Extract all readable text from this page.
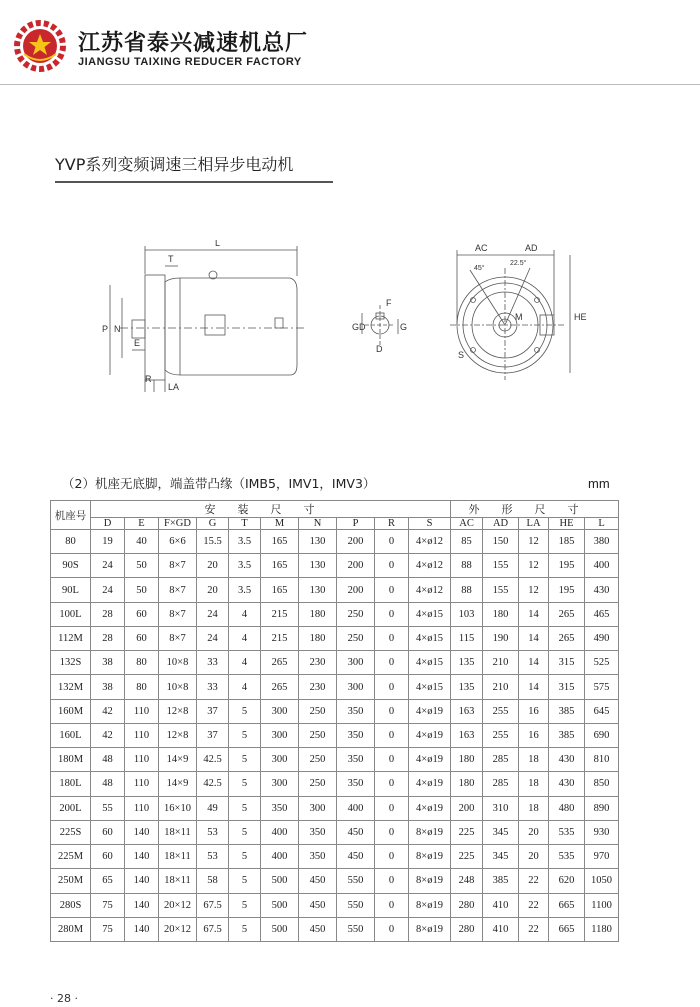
江苏省泰兴减速机总厂
JIANGSU TAIXING REDUCER FACTORY
YVP系列变频调速三相异步电动机
L
T
P N
E
R
LA
F
GD	G
D
AC	AD
HE
M
S
45°
22.5°
（2）机座无底脚，端盖带凸缘（IMB5，IMV1，IMV3）	mm
机座号	安装尺寸										外形尺寸				
	D	E	F×GD	G	T	M	N	P	R	S	AC	AD	LA	HE	L
80	19	40	6×6	15.5	3.5	165	130	200	0	4×ø12	85	150	12	185	380
90S	24	50	8×7	20	3.5	165	130	200	0	4×ø12	88	155	12	195	400
90L	24	50	8×7	20	3.5	165	130	200	0	4×ø12	88	155	12	195	430
100L	28	60	8×7	24	4	215	180	250	0	4×ø15	103	180	14	265	465
112M	28	60	8×7	24	4	215	180	250	0	4×ø15	115	190	14	265	490
132S	38	80	10×8	33	4	265	230	300	0	4×ø15	135	210	14	315	525
132M	38	80	10×8	33	4	265	230	300	0	4×ø15	135	210	14	315	575
160M	42	110	12×8	37	5	300	250	350	0	4×ø19	163	255	16	385	645
160L	42	110	12×8	37	5	300	250	350	0	4×ø19	163	255	16	385	690
180M	48	110	14×9	42.5	5	300	250	350	0	4×ø19	180	285	18	430	810
180L	48	110	14×9	42.5	5	300	250	350	0	4×ø19	180	285	18	430	850
200L	55	110	16×10	49	5	350	300	400	0	4×ø19	200	310	18	480	890
225S	60	140	18×11	53	5	400	350	450	0	8×ø19	225	345	20	535	930
225M	60	140	18×11	53	5	400	350	450	0	8×ø19	225	345	20	535	970
250M	65	140	18×11	58	5	500	450	550	0	8×ø19	248	385	22	620	1050
280S	75	140	20×12	67.5	5	500	450	550	0	8×ø19	280	410	22	665	1100
280M	75	140	20×12	67.5	5	500	450	550	0	8×ø19	280	410	22	665	1180
· 28 ·
